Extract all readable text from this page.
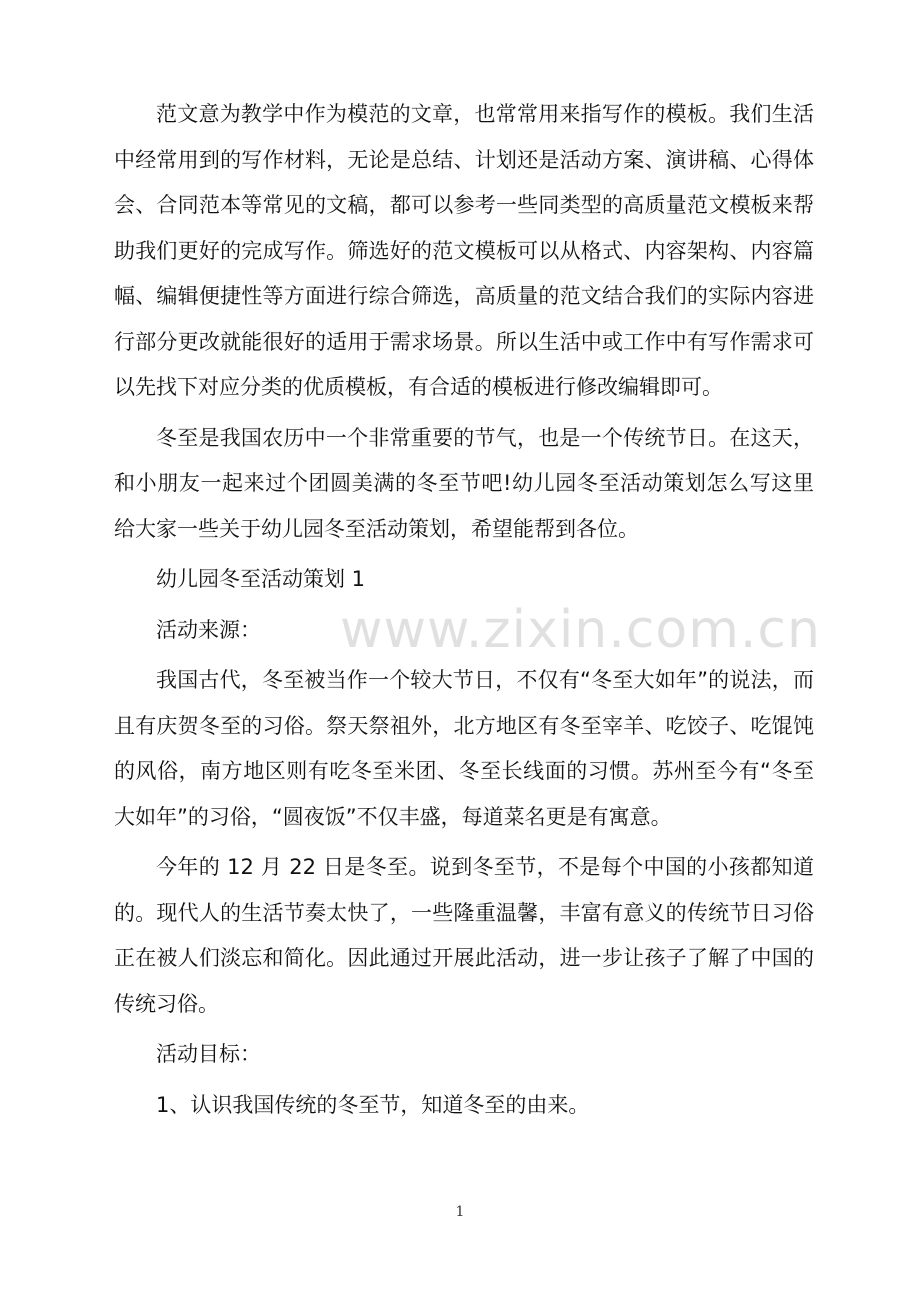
范文意为教学中作为模范的文章，也常常用来指写作的模板。我们生活中经常用到的写作材料，无论是总结、计划还是活动方案、演讲稿、心得体会、合同范本等常见的文稿，都可以参考一些同类型的高质量范文模板来帮助我们更好的完成写作。筛选好的范文模板可以从格式、内容架构、内容篇幅、编辑便捷性等方面进行综合筛选，高质量的范文结合我们的实际内容进行部分更改就能很好的适用于需求场景。所以生活中或工作中有写作需求可以先找下对应分类的优质模板，有合适的模板进行修改编辑即可。

冬至是我国农历中一个非常重要的节气，也是一个传统节日。在这天，和小朋友一起来过个团圆美满的冬至节吧!幼儿园冬至活动策划怎么写这里给大家一些关于幼儿园冬至活动策划，希望能帮到各位。

幼儿园冬至活动策划 1

活动来源：

我国古代，冬至被当作一个较大节日，不仅有“冬至大如年”的说法，而且有庆贺冬至的习俗。祭天祭祖外，北方地区有冬至宰羊、吃饺子、吃馄饨的风俗，南方地区则有吃冬至米团、冬至长线面的习惯。苏州至今有“冬至大如年”的习俗，“圆夜饭”不仅丰盛，每道菜名更是有寓意。

今年的 12 月 22 日是冬至。说到冬至节，不是每个中国的小孩都知道的。现代人的生活节奏太快了，一些隆重温馨，丰富有意义的传统节日习俗正在被人们淡忘和简化。因此通过开展此活动，进一步让孩子了解了中国的传统习俗。

活动目标：

1、认识我国传统的冬至节，知道冬至的由来。

www.zixin.com.cn
1
